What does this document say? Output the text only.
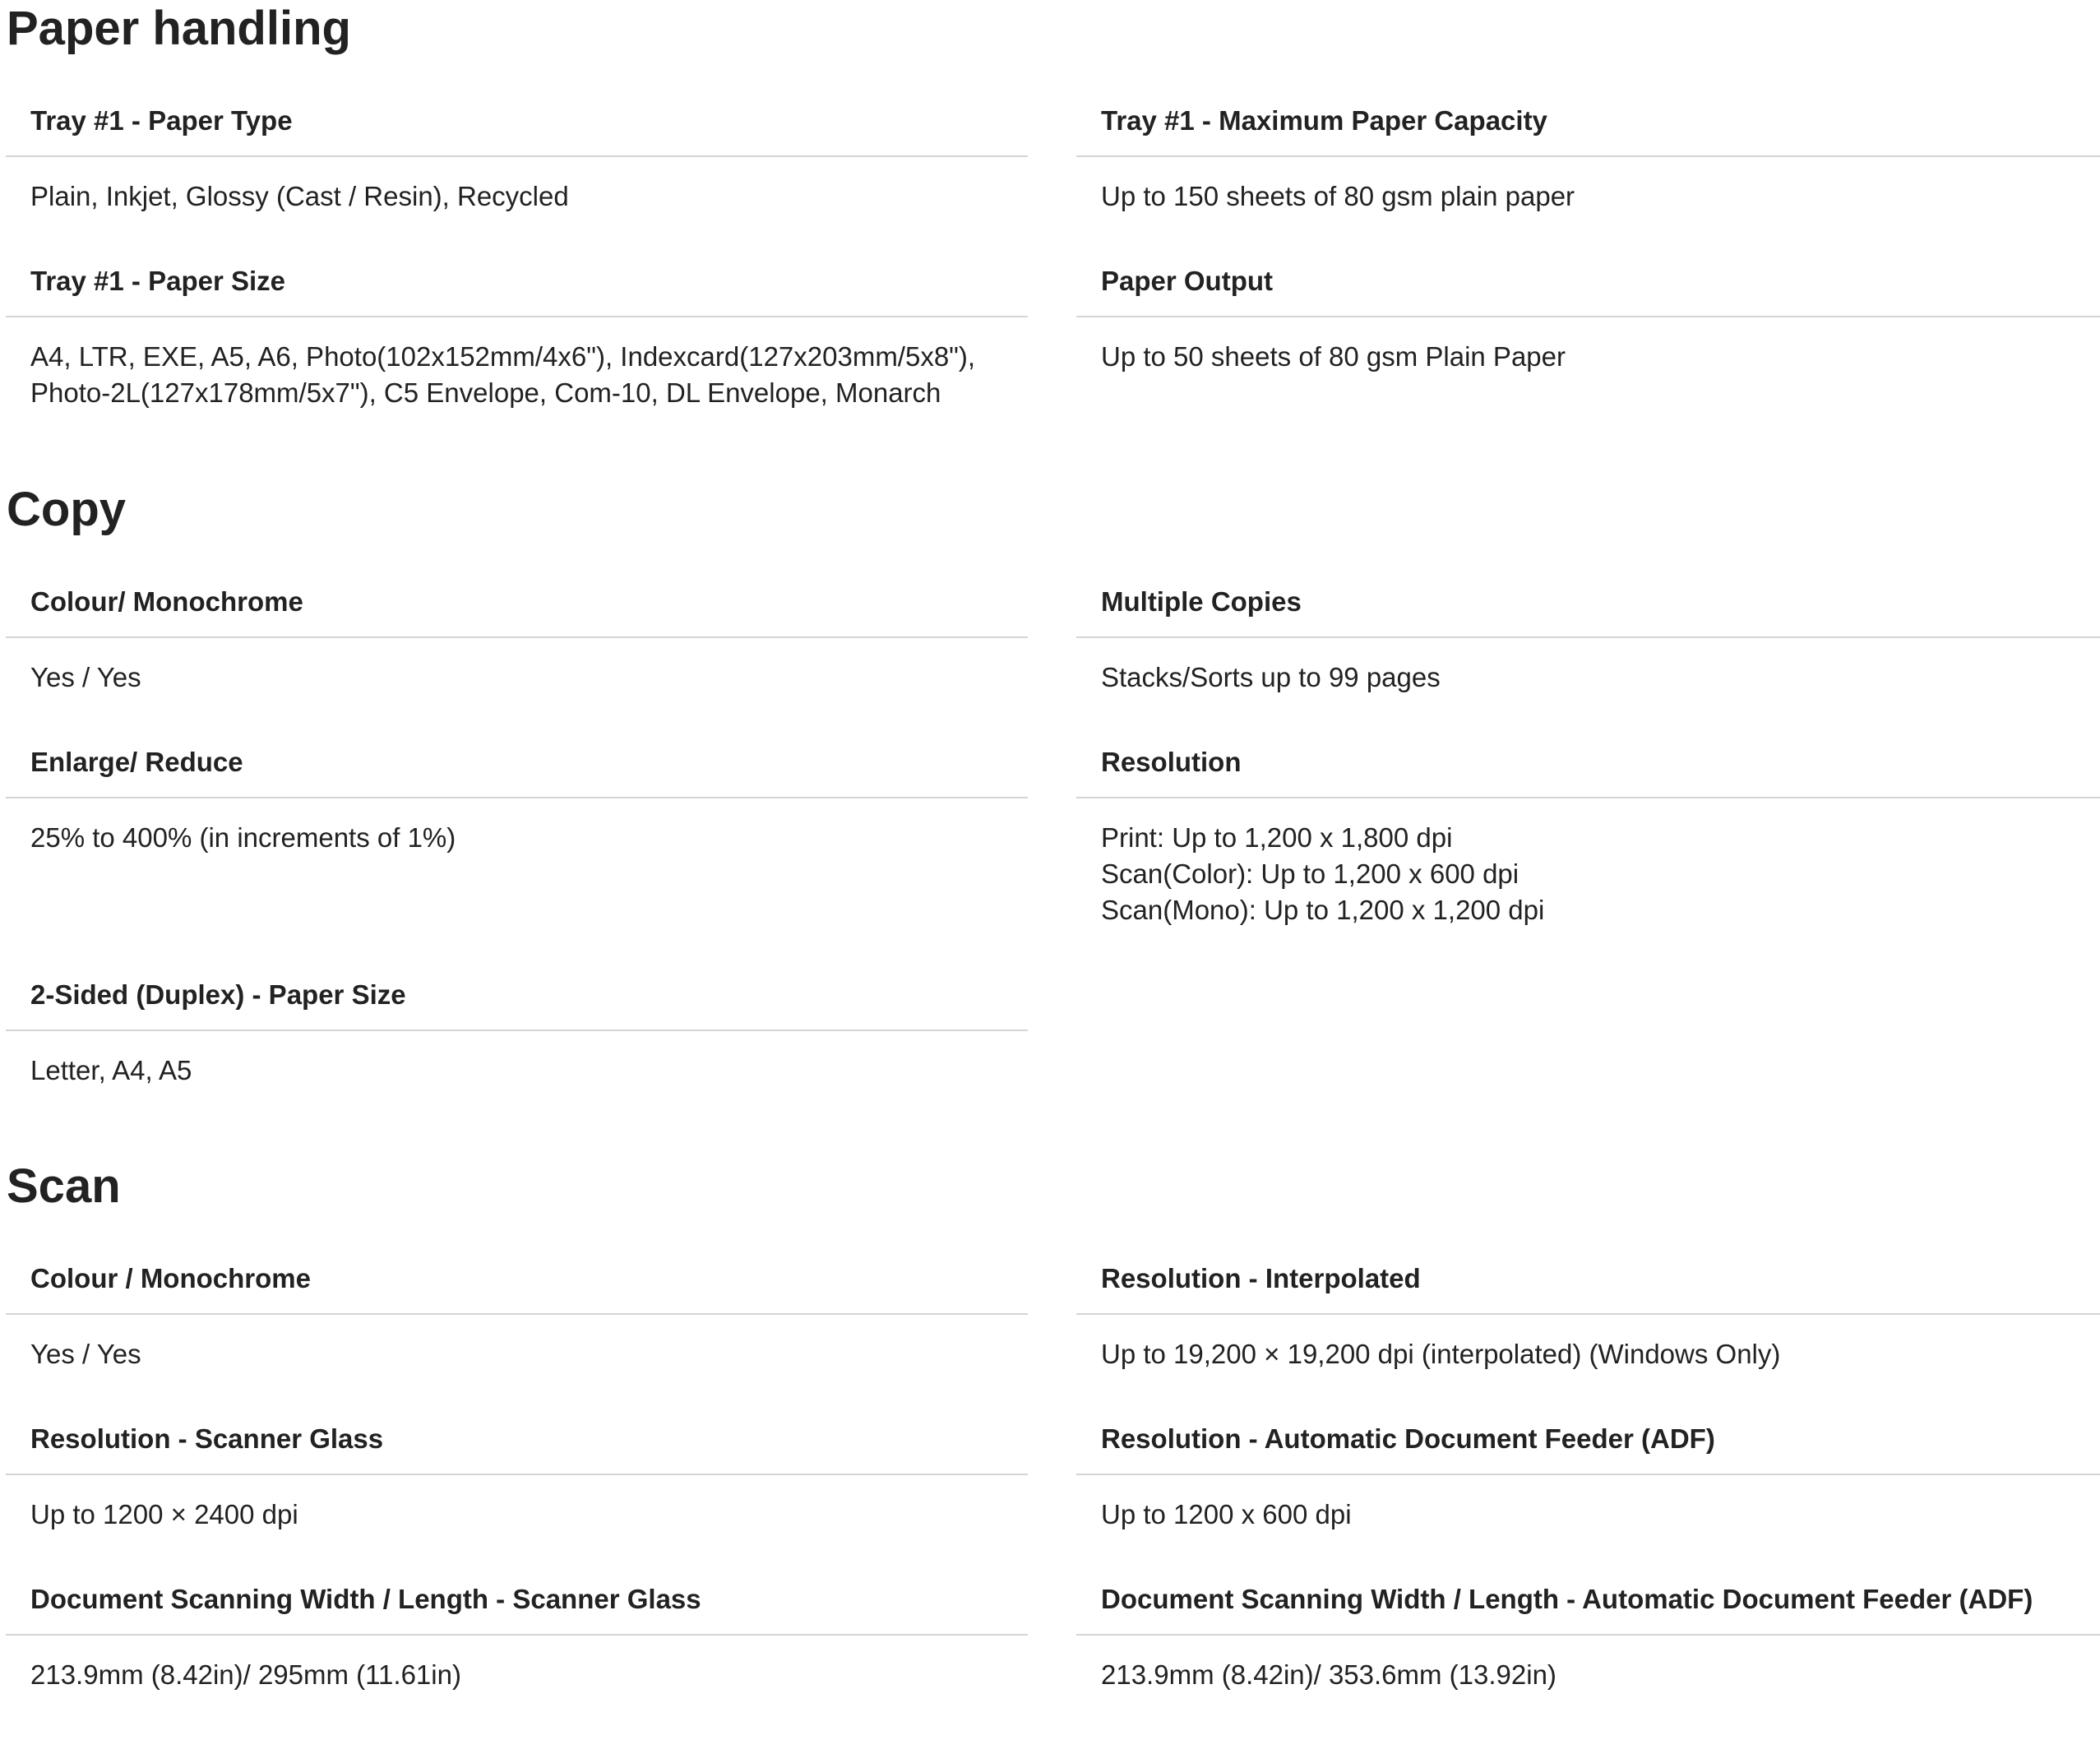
Paper handling
Tray #1 - Paper Type
Plain, Inkjet, Glossy (Cast / Resin), Recycled
Tray #1 - Maximum Paper Capacity
Up to 150 sheets of 80 gsm plain paper
Tray #1 - Paper Size
A4, LTR, EXE, A5, A6, Photo(102x152mm/4x6"), Indexcard(127x203mm/5x8"),
Photo-2L(127x178mm/5x7"), C5 Envelope, Com-10, DL Envelope, Monarch
Paper Output
Up to 50 sheets of 80 gsm Plain Paper
Copy
Colour/ Monochrome
Yes / Yes
Multiple Copies
Stacks/Sorts up to 99 pages
Enlarge/ Reduce
25% to 400% (in increments of 1%)
Resolution
Print: Up to 1,200 x 1,800 dpi
Scan(Color): Up to 1,200 x 600 dpi
Scan(Mono): Up to 1,200 x 1,200 dpi
2-Sided (Duplex) - Paper Size
Letter, A4, A5
Scan
Colour / Monochrome
Yes / Yes
Resolution - Interpolated
Up to 19,200 × 19,200 dpi (interpolated) (Windows Only)
Resolution - Scanner Glass
Up to 1200 × 2400 dpi
Resolution - Automatic Document Feeder (ADF)
Up to 1200 x 600 dpi
Document Scanning Width / Length - Scanner Glass
213.9mm (8.42in)/ 295mm (11.61in)
Document Scanning Width / Length - Automatic Document Feeder (ADF)
213.9mm (8.42in)/ 353.6mm (13.92in)
